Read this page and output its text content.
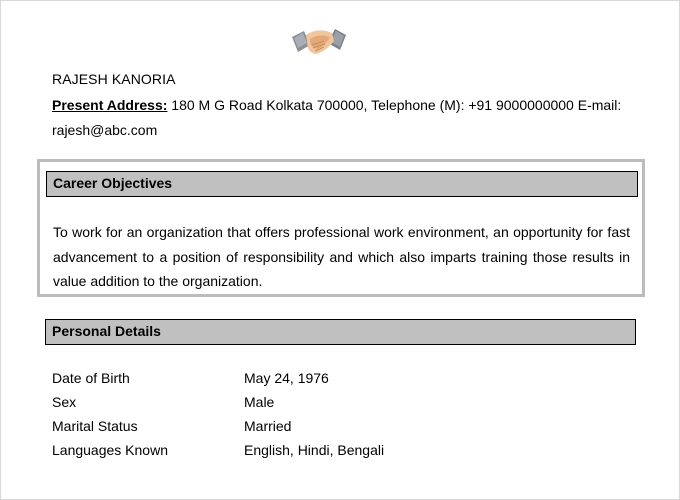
RAJESH KANORIA
Present Address: 180 M G Road Kolkata 700000, Telephone (M): +91 9000000000 E-mail: rajesh@abc.com
Career Objectives
To work for an organization that offers professional work environment, an opportunity for fast advancement to a position of responsibility and which also imparts training those results in value addition to the organization.
Personal Details
Date of Birth	May 24, 1976
Sex	Male
Marital Status	Married
Languages Known	English, Hindi, Bengali
